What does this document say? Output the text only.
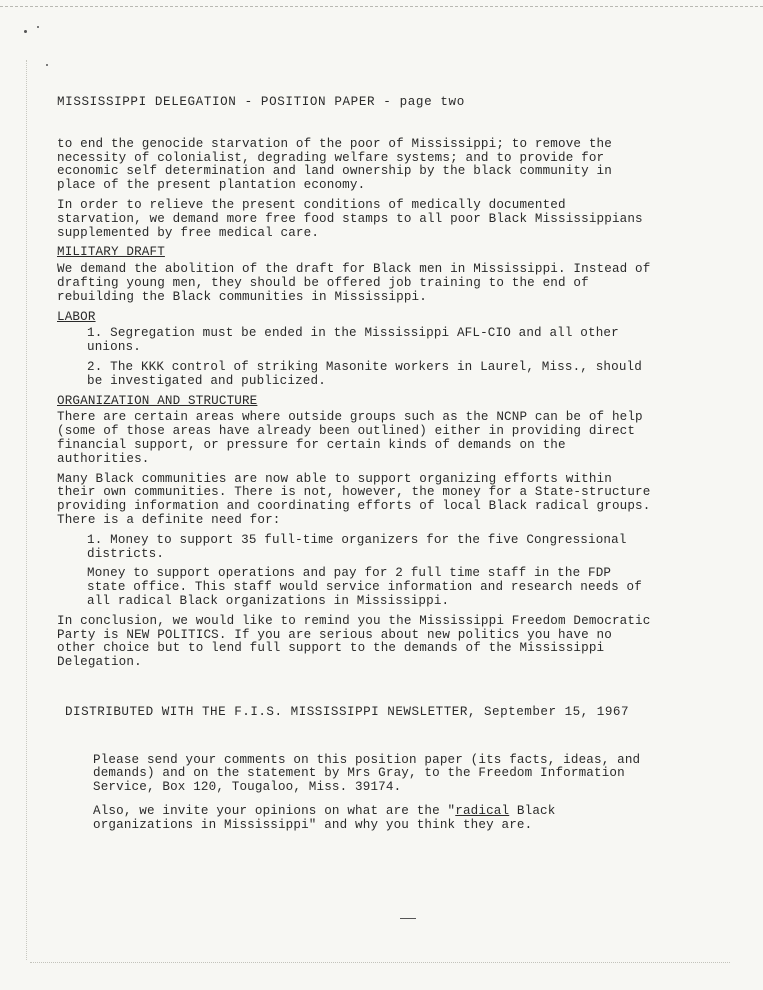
MISSISSIPPI DELEGATION - POSITION PAPER - page two

to end the genocide starvation of the poor of Mississippi; to remove the necessity of colonialist, degrading welfare systems; and to provide for economic self determination and land ownership by the black community in place of the present plantation economy.

In order to relieve the present conditions of medically documented starvation, we demand more free food stamps to all poor Black Mississippians supplemented by free medical care.

MILITARY DRAFT

We demand the abolition of the draft for Black men in Mississippi. Instead of drafting young men, they should be offered job training to the end of rebuilding the Black communities in Mississippi.

LABOR

1. Segregation must be ended in the Mississippi AFL-CIO and all other unions.

2. The KKK control of striking Masonite workers in Laurel, Miss., should be investigated and publicized.

ORGANIZATION AND STRUCTURE

There are certain areas where outside groups such as the NCNP can be of help (some of those areas have already been outlined) either in providing direct financial support, or pressure for certain kinds of demands on the authorities.

Many Black communities are now able to support organizing efforts within their own communities. There is not, however, the money for a State-structure providing information and coordinating efforts of local Black radical groups. There is a definite need for:

1. Money to support 35 full-time organizers for the five Congressional districts.

Money to support operations and pay for 2 full time staff in the FDP state office. This staff would service information and research needs of all radical Black organizations in Mississippi.

In conclusion, we would like to remind you the Mississippi Freedom Democratic Party is NEW POLITICS. If you are serious about new politics you have no other choice but to lend full support to the demands of the Mississippi Delegation.

DISTRIBUTED WITH THE F.I.S. MISSISSIPPI NEWSLETTER, September 15, 1967

Please send your comments on this position paper (its facts, ideas, and demands) and on the statement by Mrs Gray, to the Freedom Information Service, Box 120, Tougaloo, Miss. 39174.

Also, we invite your opinions on what are the "radical Black organizations in Mississippi" and why you think they are.
